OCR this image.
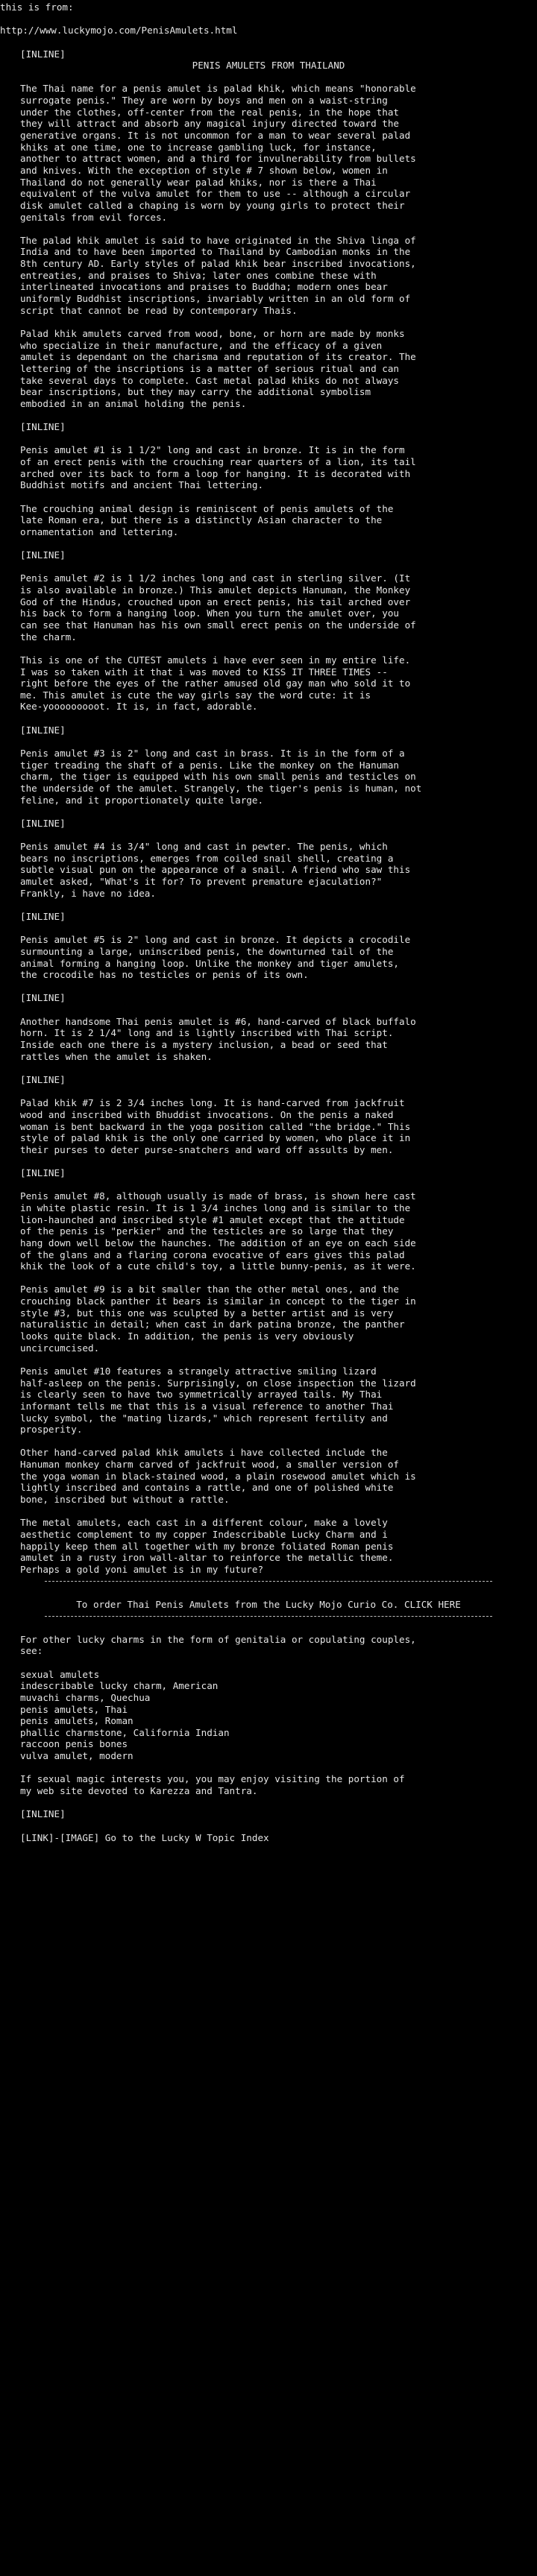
this is from:
http://www.luckymojo.com/PenisAmulets.html
[INLINE]
PENIS AMULETS FROM THAILAND
The Thai name for a penis amulet is palad khik, which means "honorable
surrogate penis." They are worn by boys and men on a waist-string
under the clothes, off-center from the real penis, in the hope that
they will attract and absorb any magical injury directed toward the
generative organs. It is not uncommon for a man to wear several palad
khiks at one time, one to increase gambling luck, for instance,
another to attract women, and a third for invulnerability from bullets
and knives. With the exception of style # 7 shown below, women in
Thailand do not generally wear palad khiks, nor is there a Thai
equivalent of the vulva amulet for them to use -- although a circular
disk amulet called a chaping is worn by young girls to protect their
genitals from evil forces.
The palad khik amulet is said to have originated in the Shiva linga of
India and to have been imported to Thailand by Cambodian monks in the
8th century AD. Early styles of palad khik bear inscribed invocations,
entreaties, and praises to Shiva; later ones combine these with
interlineated invocations and praises to Buddha; modern ones bear
uniformly Buddhist inscriptions, invariably written in an old form of
script that cannot be read by contemporary Thais.
Palad khik amulets carved from wood, bone, or horn are made by monks
who specialize in their manufacture, and the efficacy of a given
amulet is dependant on the charisma and reputation of its creator. The
lettering of the inscriptions is a matter of serious ritual and can
take several days to complete. Cast metal palad khiks do not always
bear inscriptions, but they may carry the additional symbolism
embodied in an animal holding the penis.
[INLINE]
Penis amulet #1 is 1 1/2" long and cast in bronze. It is in the form
of an erect penis with the crouching rear quarters of a lion, its tail
arched over its back to form a loop for hanging. It is decorated with
Buddhist motifs and ancient Thai lettering.
The crouching animal design is reminiscent of penis amulets of the
late Roman era, but there is a distinctly Asian character to the
ornamentation and lettering.
[INLINE]
Penis amulet #2 is 1 1/2 inches long and cast in sterling silver. (It
is also available in bronze.) This amulet depicts Hanuman, the Monkey
God of the Hindus, crouched upon an erect penis, his tail arched over
his back to form a hanging loop. When you turn the amulet over, you
can see that Hanuman has his own small erect penis on the underside of
the charm.
This is one of the CUTEST amulets i have ever seen in my entire life.
I was so taken with it that i was moved to KISS IT THREE TIMES --
right before the eyes of the rather amused old gay man who sold it to
me. This amulet is cute the way girls say the word cute: it is
Kee-yooooooooot. It is, in fact, adorable.
[INLINE]
Penis amulet #3 is 2" long and cast in brass. It is in the form of a
tiger treading the shaft of a penis. Like the monkey on the Hanuman
charm, the tiger is equipped with his own small penis and testicles on
the underside of the amulet. Strangely, the tiger's penis is human, not
feline, and it proportionately quite large.
[INLINE]
Penis amulet #4 is 3/4" long and cast in pewter. The penis, which
bears no inscriptions, emerges from coiled snail shell, creating a
subtle visual pun on the appearance of a snail. A friend who saw this
amulet asked, "What's it for? To prevent premature ejaculation?"
Frankly, i have no idea.
[INLINE]
Penis amulet #5 is 2" long and cast in bronze. It depicts a crocodile
surmounting a large, uninscribed penis, the downturned tail of the
animal forming a hanging loop. Unlike the monkey and tiger amulets,
the crocodile has no testicles or penis of its own.
[INLINE]
Another handsome Thai penis amulet is #6, hand-carved of black buffalo
horn. It is 2 1/4" long and is lightly inscribed with Thai script.
Inside each one there is a mystery inclusion, a bead or seed that
rattles when the amulet is shaken.
[INLINE]
Palad khik #7 is 2 3/4 inches long. It is hand-carved from jackfruit
wood and inscribed with Bhuddist invocations. On the penis a naked
woman is bent backward in the yoga position called "the bridge." This
style of palad khik is the only one carried by women, who place it in
their purses to deter purse-snatchers and ward off assults by men.
[INLINE]
Penis amulet #8, although usually is made of brass, is shown here cast
in white plastic resin. It is 1 3/4 inches long and is similar to the
lion-haunched and inscribed style #1 amulet except that the attitude
of the penis is "perkier" and the testicles are so large that they
hang down well below the haunches. The addition of an eye on each side
of the glans and a flaring corona evocative of ears gives this palad
khik the look of a cute child's toy, a little bunny-penis, as it were.
Penis amulet #9 is a bit smaller than the other metal ones, and the
crouching black panther it bears is similar in concept to the tiger in
style #3, but this one was sculpted by a better artist and is very
naturalistic in detail; when cast in dark patina bronze, the panther
looks quite black. In addition, the penis is very obviously
uncircumcised.
Penis amulet #10 features a strangely attractive smiling lizard
half-asleep on the penis. Surprisingly, on close inspection the lizard
is clearly seen to have two symmetrically arrayed tails. My Thai
informant tells me that this is a visual reference to another Thai
lucky symbol, the "mating lizards," which represent fertility and
prosperity.
Other hand-carved palad khik amulets i have collected include the
Hanuman monkey charm carved of jackfruit wood, a smaller version of
the yoga woman in black-stained wood, a plain rosewood amulet which is
lightly inscribed and contains a rattle, and one of polished white
bone, inscribed but without a rattle.
The metal amulets, each cast in a different colour, make a lovely
aesthetic complement to my copper Indescribable Lucky Charm and i
happily keep them all together with my bronze foliated Roman penis
amulet in a rusty iron wall-altar to reinforce the metallic theme.
Perhaps a gold yoni amulet is in my future?
To order Thai Penis Amulets from the Lucky Mojo Curio Co. CLICK HERE
For other lucky charms in the form of genitalia or copulating couples,
see:
sexual amulets
indescribable lucky charm, American
muvachi charms, Quechua
penis amulets, Thai
penis amulets, Roman
phallic charmstone, California Indian
raccoon penis bones
vulva amulet, modern
If sexual magic interests you, you may enjoy visiting the portion of
my web site devoted to Karezza and Tantra.
[INLINE]
[LINK]-[IMAGE] Go to the Lucky W Topic Index
